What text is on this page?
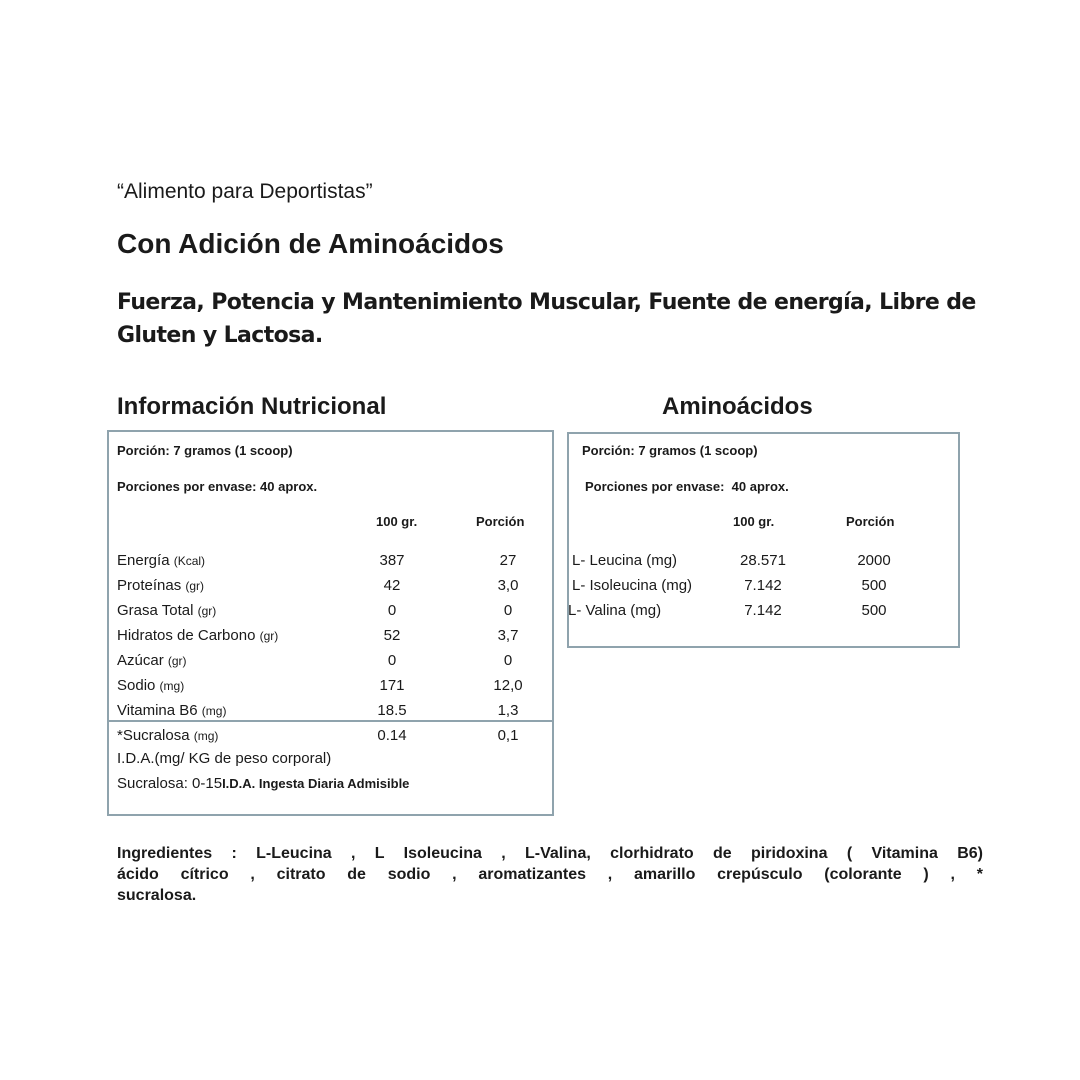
“Alimento para Deportistas”
Con Adición de Aminoácidos
Fuerza, Potencia y Mantenimiento Muscular, Fuente de energía, Libre de Gluten y Lactosa.
Información Nutricional	Aminoácidos
Porción: 7 gramos (1 scoop)
Porciones por envase: 40 aprox.
100 gr.	Porción
Energía (Kcal)	387	27
Proteínas (gr)	42	3,0
Grasa Total (gr)	0	0
Hidratos de Carbono (gr)	52	3,7
Azúcar (gr)	0	0
Sodio (mg)	171	12,0
Vitamina B6 (mg)	18.5	1,3
*Sucralosa (mg)	0.14	0,1
I.D.A.(mg/ KG de peso corporal)
Sucralosa: 0-15I.D.A. Ingesta Diaria Admisible
Porción: 7 gramos (1 scoop)
Porciones por envase:  40 aprox.
100 gr.	Porción
L- Leucina (mg)	28.571	2000
L- Isoleucina (mg)	7.142	500
L- Valina (mg)	7.142	500
Ingredientes : L-Leucina , L Isoleucina , L-Valina, clorhidrato de piridoxina ( Vitamina B6)
ácido cítrico , citrato de sodio , aromatizantes , amarillo crepúsculo (colorante ) , *
sucralosa.
